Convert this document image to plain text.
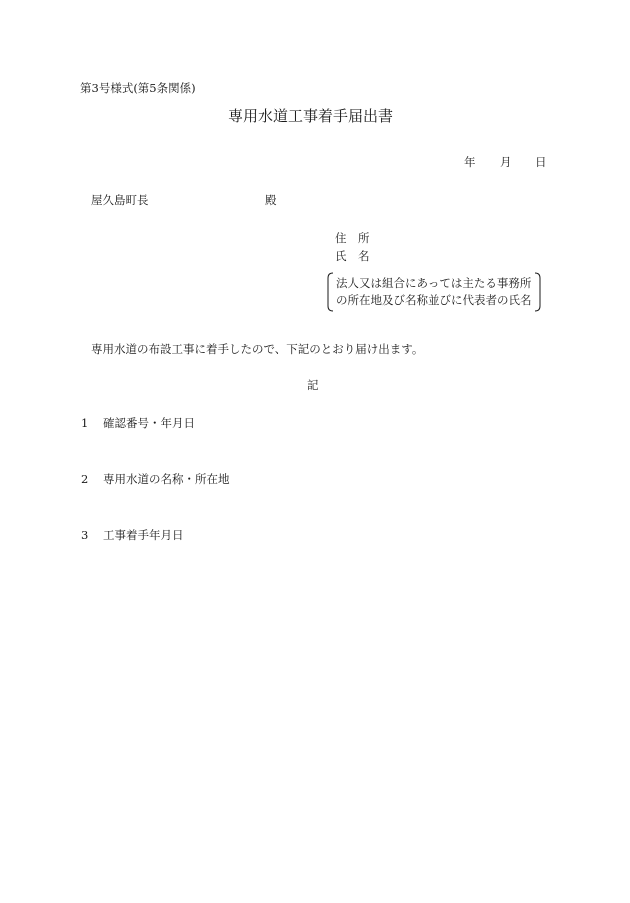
第3号様式(第5条関係)
専用水道工事着手届出書
年 月 日
屋久島町長	殿
住　所
氏　名
法人又は組合にあっては主たる事務所
の所在地及び名称並びに代表者の氏名
専用水道の布設工事に着手したので、下記のとおり届け出ます。
記
1 確認番号・年月日
2 専用水道の名称・所在地
3 工事着手年月日
